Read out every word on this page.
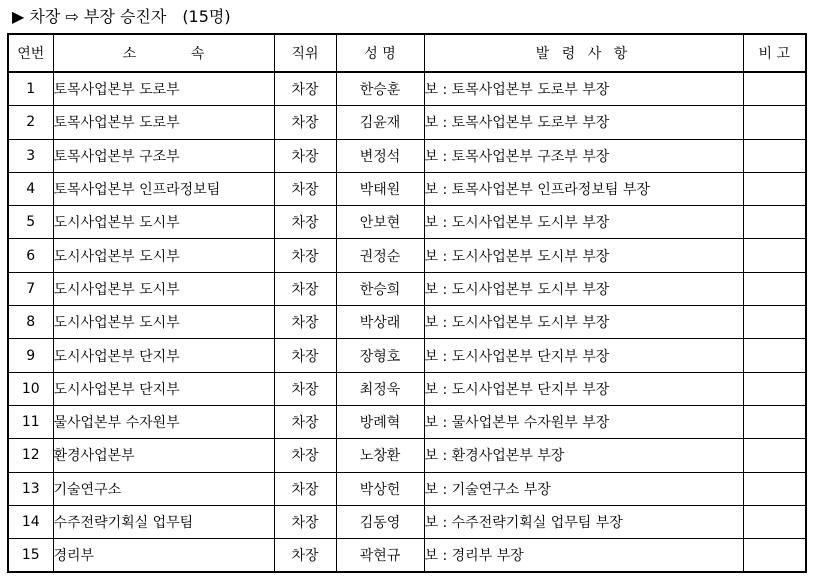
▶ 차장 ⇨ 부장 승진자 (15명)
연번	소 속	직위	성 명	발 령 사 항	비 고
1	토목사업본부 도로부	차장	한승훈	보 : 토목사업본부 도로부 부장	
2	토목사업본부 도로부	차장	김윤재	보 : 토목사업본부 도로부 부장	
3	토목사업본부 구조부	차장	변정석	보 : 토목사업본부 구조부 부장	
4	토목사업본부 인프라정보팀	차장	박태원	보 : 토목사업본부 인프라정보팀 부장	
5	도시사업본부 도시부	차장	안보현	보 : 도시사업본부 도시부 부장	
6	도시사업본부 도시부	차장	권정순	보 : 도시사업본부 도시부 부장	
7	도시사업본부 도시부	차장	한승희	보 : 도시사업본부 도시부 부장	
8	도시사업본부 도시부	차장	박상래	보 : 도시사업본부 도시부 부장	
9	도시사업본부 단지부	차장	장형호	보 : 도시사업본부 단지부 부장	
10	도시사업본부 단지부	차장	최정욱	보 : 도시사업본부 단지부 부장	
11	물사업본부 수자원부	차장	방례혁	보 : 물사업본부 수자원부 부장	
12	환경사업본부	차장	노창환	보 : 환경사업본부 부장	
13	기술연구소	차장	박상헌	보 : 기술연구소 부장	
14	수주전략기획실 업무팀	차장	김동영	보 : 수주전략기획실 업무팀 부장	
15	경리부	차장	곽현규	보 : 경리부 부장	
